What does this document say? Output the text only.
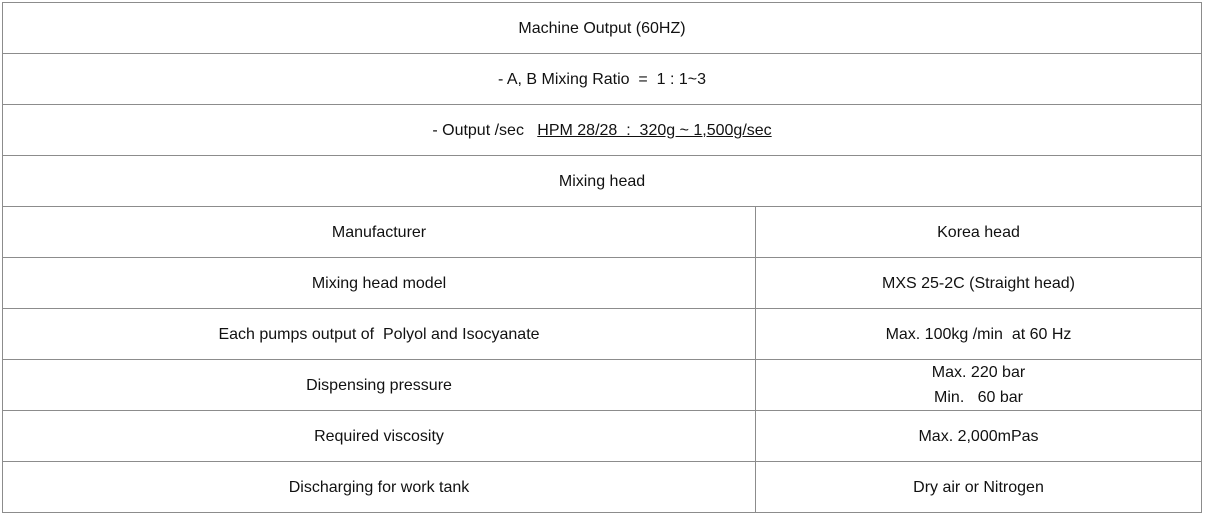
Machine Output (60HZ)	
- A, B Mixing Ratio  =  1 : 1~3	
- Output /sec   HPM 28/28  :  320g ~ 1,500g/sec	
Mixing head	
Manufacturer	Korea head
Mixing head model	MXS 25-2C (Straight head)
Each pumps output of  Polyol and Isocyanate	Max. 100kg /min  at 60 Hz
Dispensing pressure	Max. 220 bar
Min.   60 bar

Required viscosity	Max. 2,000mPas
Discharging for work tank	Dry air or Nitrogen
